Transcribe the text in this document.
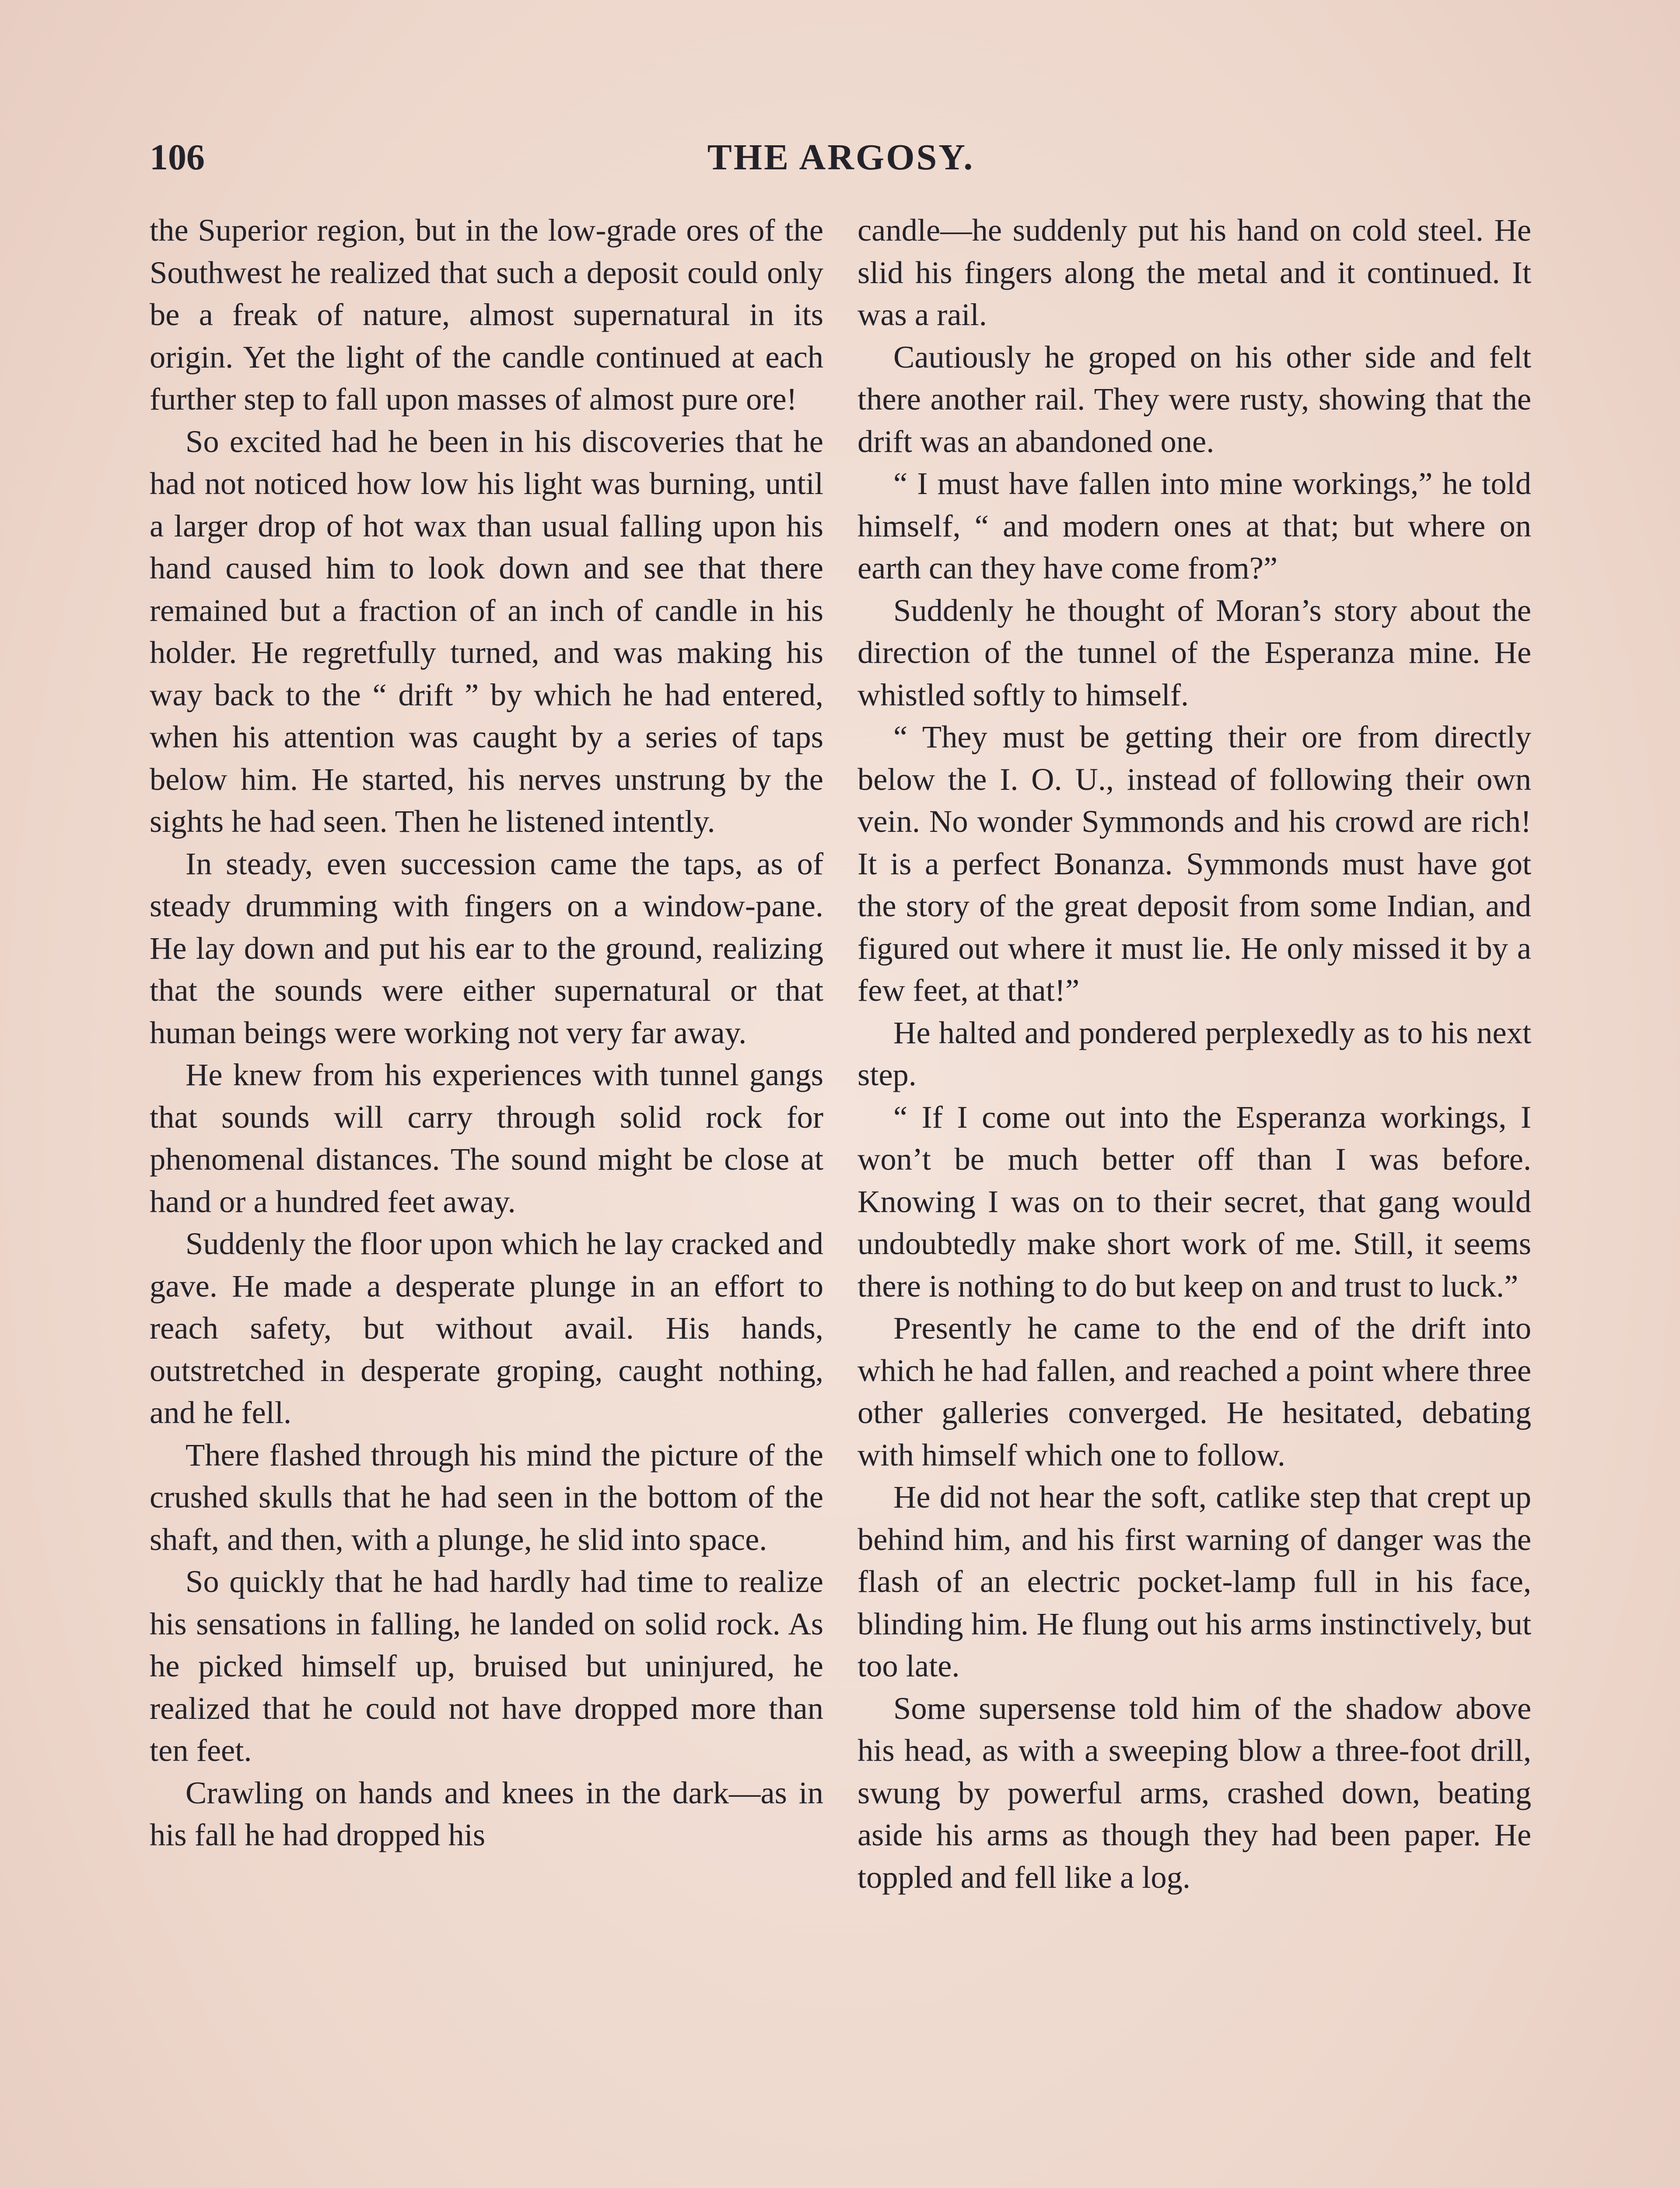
106	THE ARGOSY.

the Superior region, but in the low-grade ores of the Southwest he realized that such a deposit could only be a freak of nature, almost supernatural in its origin. Yet the light of the candle continued at each further step to fall upon masses of almost pure ore!

So excited had he been in his discoveries that he had not noticed how low his light was burning, until a larger drop of hot wax than usual falling upon his hand caused him to look down and see that there remained but a fraction of an inch of candle in his holder. He regretfully turned, and was making his way back to the “ drift ” by which he had entered, when his attention was caught by a series of taps below him. He started, his nerves unstrung by the sights he had seen. Then he listened intently.

In steady, even succession came the taps, as of steady drumming with fingers on a window-pane. He lay down and put his ear to the ground, realizing that the sounds were either supernatural or that human beings were working not very far away.

He knew from his experiences with tunnel gangs that sounds will carry through solid rock for phenomenal distances. The sound might be close at hand or a hundred feet away.

Suddenly the floor upon which he lay cracked and gave. He made a desperate plunge in an effort to reach safety, but without avail. His hands, outstretched in desperate groping, caught nothing, and he fell.

There flashed through his mind the picture of the crushed skulls that he had seen in the bottom of the shaft, and then, with a plunge, he slid into space.

So quickly that he had hardly had time to realize his sensations in falling, he landed on solid rock. As he picked himself up, bruised but uninjured, he realized that he could not have dropped more than ten feet.

Crawling on hands and knees in the dark—as in his fall he had dropped his

candle—he suddenly put his hand on cold steel. He slid his fingers along the metal and it continued. It was a rail.

Cautiously he groped on his other side and felt there another rail. They were rusty, showing that the drift was an abandoned one.

“ I must have fallen into mine workings,” he told himself, “ and modern ones at that; but where on earth can they have come from?”

Suddenly he thought of Moran’s story about the direction of the tunnel of the Esperanza mine. He whistled softly to himself.

“ They must be getting their ore from directly below the I. O. U., instead of following their own vein. No wonder Symmonds and his crowd are rich! It is a perfect Bonanza. Symmonds must have got the story of the great deposit from some Indian, and figured out where it must lie. He only missed it by a few feet, at that!”

He halted and pondered perplexedly as to his next step.

“ If I come out into the Esperanza workings, I won’t be much better off than I was before. Knowing I was on to their secret, that gang would undoubtedly make short work of me. Still, it seems there is nothing to do but keep on and trust to luck.”

Presently he came to the end of the drift into which he had fallen, and reached a point where three other galleries converged. He hesitated, debating with himself which one to follow.

He did not hear the soft, catlike step that crept up behind him, and his first warning of danger was the flash of an electric pocket-lamp full in his face, blinding him. He flung out his arms instinctively, but too late.

Some supersense told him of the shadow above his head, as with a sweeping blow a three-foot drill, swung by powerful arms, crashed down, beating aside his arms as though they had been paper. He toppled and fell like a log.
